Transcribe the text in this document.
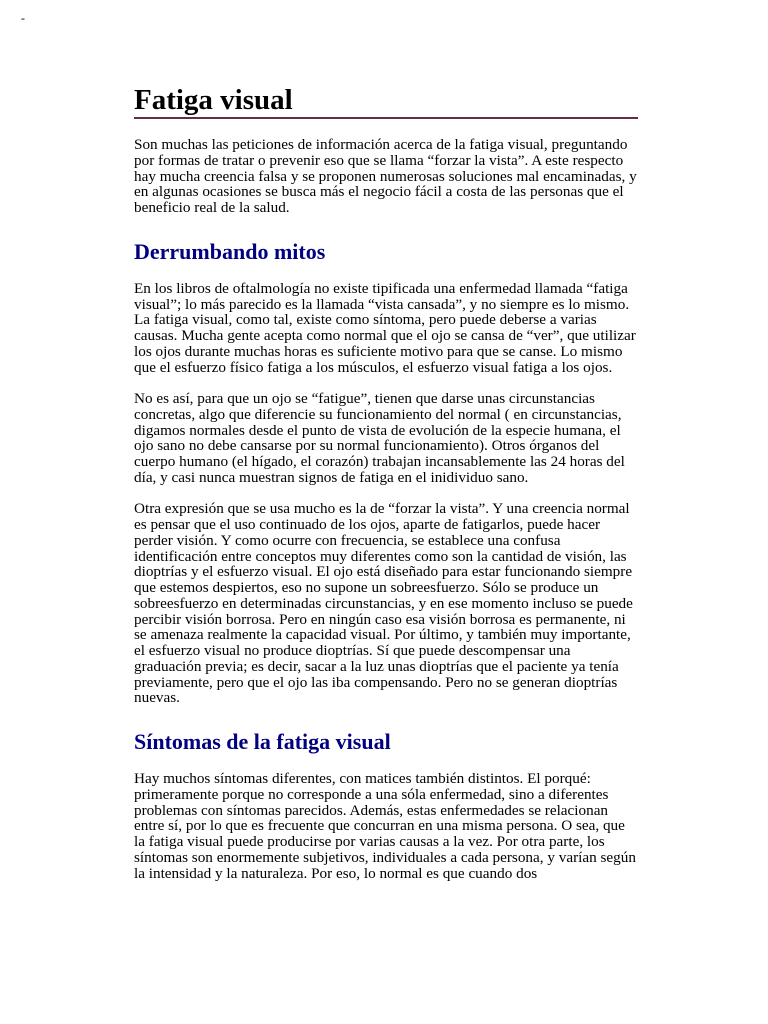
-
Fatiga visual

Son muchas las peticiones de información acerca de la fatiga visual, preguntando por formas de tratar o prevenir eso que se llama “forzar la vista”. A este respecto hay mucha creencia falsa y se proponen numerosas soluciones mal encaminadas, y en algunas ocasiones se busca más el negocio fácil a costa de las personas que el beneficio real de la salud.

Derrumbando mitos

En los libros de oftalmología no existe tipificada una enfermedad llamada “fatiga visual”; lo más parecido es la llamada “vista cansada”, y no siempre es lo mismo. La fatiga visual, como tal, existe como síntoma, pero puede deberse a varias causas. Mucha gente acepta como normal que el ojo se cansa de “ver”, que utilizar los ojos durante muchas horas es suficiente motivo para que se canse. Lo mismo que el esfuerzo físico fatiga a los músculos, el esfuerzo visual fatiga a los ojos.

No es así, para que un ojo se “fatigue”, tienen que darse unas circunstancias concretas, algo que diferencie su funcionamiento del normal ( en circunstancias, digamos normales desde el punto de vista de evolución de la especie humana, el ojo sano no debe cansarse por su normal funcionamiento). Otros órganos del cuerpo humano (el hígado, el corazón) trabajan incansablemente las 24 horas del día, y casi nunca muestran signos de fatiga en el inidividuo sano.

Otra expresión que se usa mucho es la de “forzar la vista”. Y una creencia normal es pensar que el uso continuado de los ojos, aparte de fatigarlos, puede hacer perder visión. Y como ocurre con frecuencia, se establece una confusa identificación entre conceptos muy diferentes como son la cantidad de visión, las dioptrías y el esfuerzo visual. El ojo está diseñado para estar funcionando siempre que estemos despiertos, eso no supone un sobreesfuerzo. Sólo se produce un sobreesfuerzo en determinadas circunstancias, y en ese momento incluso se puede percibir visión borrosa. Pero en ningún caso esa visión borrosa es permanente, ni se amenaza realmente la capacidad visual. Por último, y también muy importante, el esfuerzo visual no produce dioptrías. Sí que puede descompensar una graduación previa; es decir, sacar a la luz unas dioptrías que el paciente ya tenía previamente, pero que el ojo las iba compensando. Pero no se generan dioptrías nuevas.

Síntomas de la fatiga visual

Hay muchos síntomas diferentes, con matices también distintos. El porqué: primeramente porque no corresponde a una sóla enfermedad, sino a diferentes problemas con síntomas parecidos. Además, estas enfermedades se relacionan entre sí, por lo que es frecuente que concurran en una misma persona. O sea, que la fatiga visual puede producirse por varias causas a la vez. Por otra parte, los síntomas son enormemente subjetivos, individuales a cada persona, y varían según la intensidad y la naturaleza. Por eso, lo normal es que cuando dos
